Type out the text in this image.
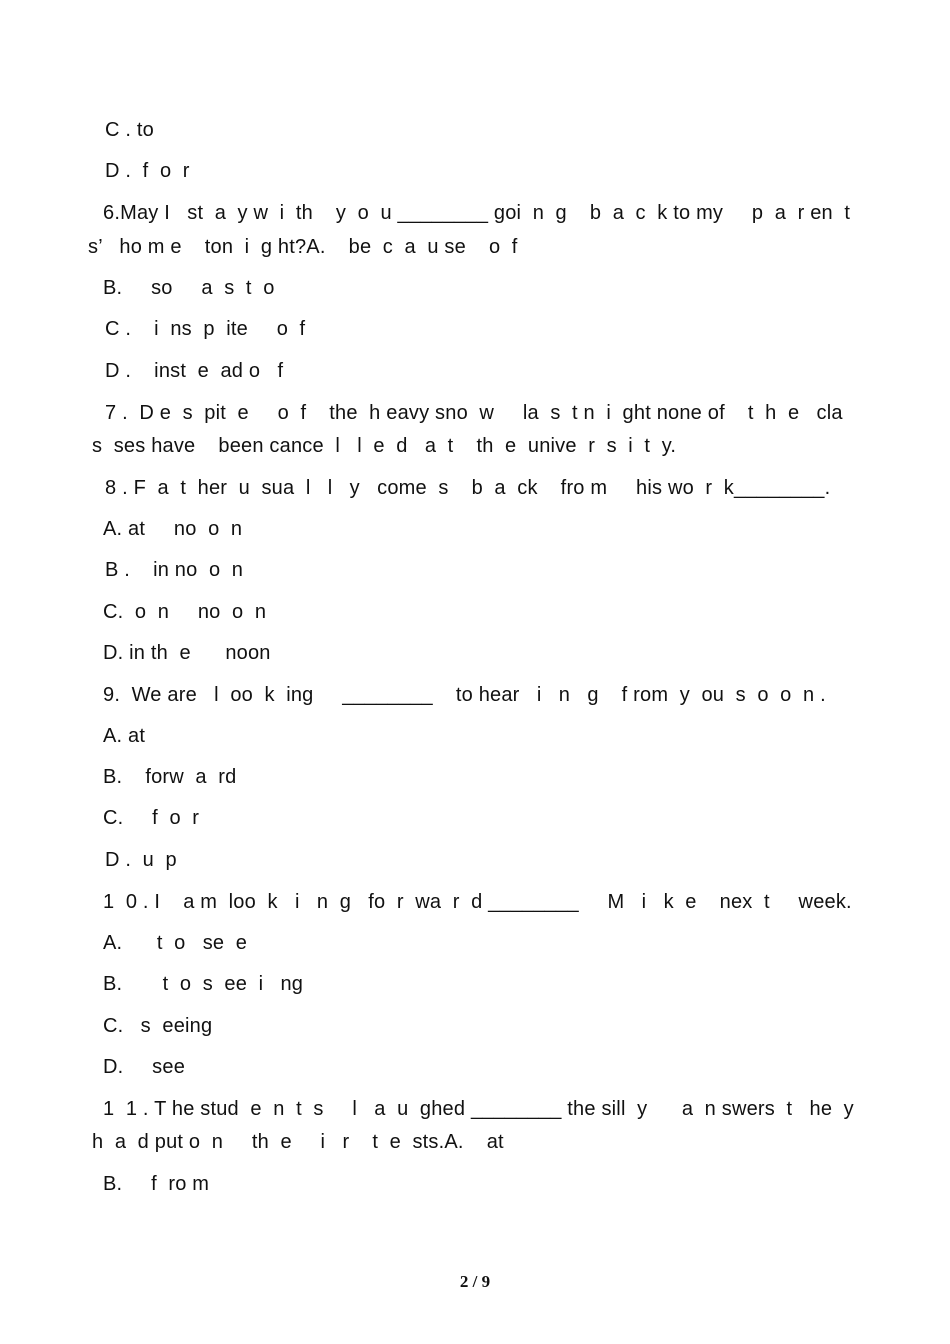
C . to
D .  f  o  r
6.May I   st  a  y w  i  th    y  o  u ________ goi  n  g    b  a  c  k to my     p  a  r en  t
s’   ho m e    ton  i  g ht?A.    be  c  a  u se    o  f
B.     so     a  s  t  o
C .    i  ns  p  ite     o  f
D .    inst  e  ad o   f
7 .  D e  s  pit  e     o  f    the  h eavy sno  w     la  s  t n  i  ght none of    t  h  e   cla
s  ses have    been cance  l   l  e  d   a  t    th  e  unive  r  s  i  t  y.
8 . F  a  t  her  u  sua  l   l   y   come  s    b  a  ck    fro m     his wo  r  k________.
A. at     no  o  n
B .    in no  o  n
C.  o  n     no  o  n
D. in th  e      noon
9.  We are   l  oo  k  ing     ________    to hear   i   n   g    f rom  y  ou  s  o  o  n .
A. at
B.    forw  a  rd
C.     f  o  r
D .  u  p
1  0 . I    a m  loo  k   i   n  g   fo  r  wa  r  d ________     M   i   k  e    nex  t     week.
A.      t  o   se  e
B.       t  o  s  ee  i   ng
C.   s  eeing
D.     see
1  1 . T he stud  e  n  t  s     l   a  u  ghed ________ the sill  y      a  n swers  t   he  y
h  a  d put o  n     th  e     i   r    t  e  sts.A.    at
B.     f  ro m
2 / 9
